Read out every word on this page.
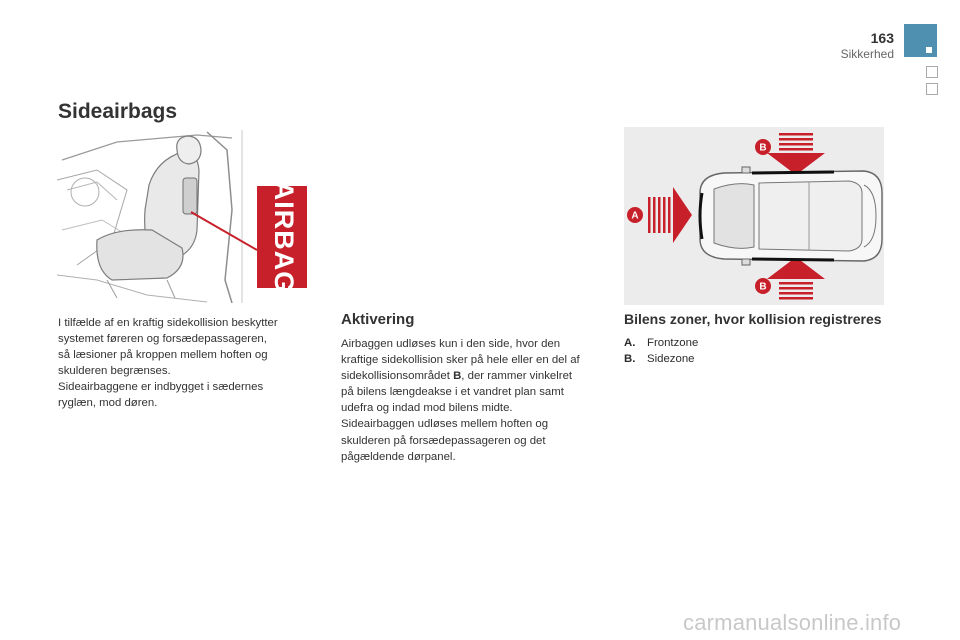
163
Sikkerhed
Sideairbags
AIRBAG

I tilfælde af en kraftig sidekollision beskytter

systemet føreren og forsædepassageren,

så læsioner på kroppen mellem hoften og

skulderen begrænses.

Sideairbaggene er indbygget i sædernes

ryglæn, mod døren.

Aktivering

Airbaggen udløses kun i den side, hvor den

kraftige sidekollision sker på hele eller en del af

sidekollisionsområdet B, der rammer vinkelret

på bilens længdeakse i et vandret plan samt

udefra og indad mod bilens midte.

Sideairbaggen udløses mellem hoften og

skulderen på forsædepassageren og det

pågældende dørpanel.

B
B
A
Bilens zoner, hvor kollision registreres
A.	Frontzone
B.	Sidezone
carmanualsonline.info
